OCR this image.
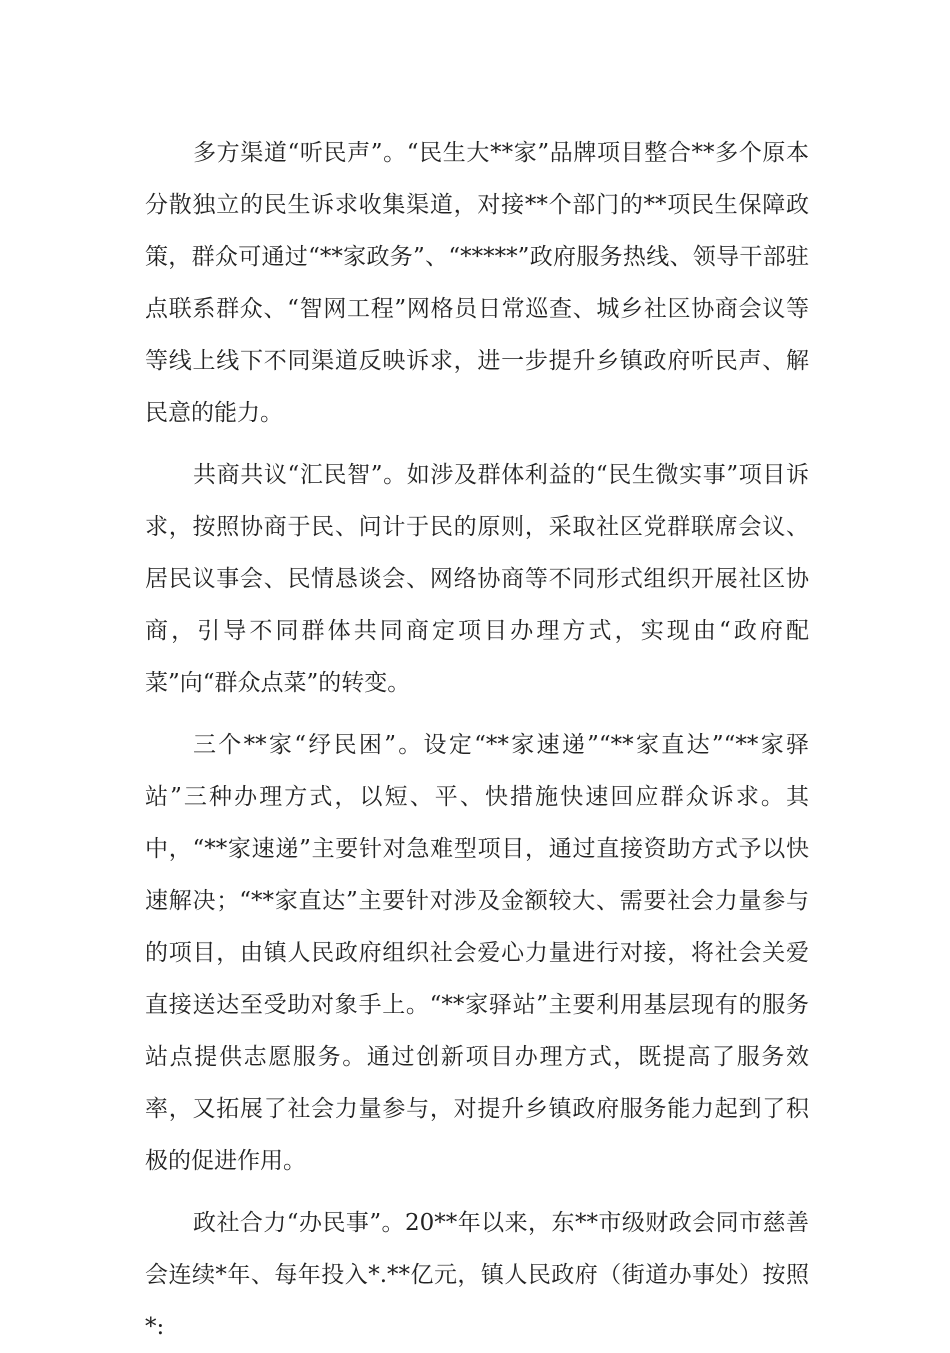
多方渠道“听民声”。“民生大**家”品牌项目整合**多个原本分散独立的民生诉求收集渠道，对接**个部门的**项民生保障政策，群众可通过“**家政务”、“*****”政府服务热线、领导干部驻点联系群众、“智网工程”网格员日常巡查、城乡社区协商会议等等线上线下不同渠道反映诉求，进一步提升乡镇政府听民声、解民意的能力。

共商共议“汇民智”。如涉及群体利益的“民生微实事”项目诉求，按照协商于民、问计于民的原则，采取社区党群联席会议、居民议事会、民情恳谈会、网络协商等不同形式组织开展社区协商，引导不同群体共同商定项目办理方式，实现由“政府配菜”向“群众点菜”的转变。

三个**家“纾民困”。设定“**家速递”“**家直达”“**家驿站”三种办理方式，以短、平、快措施快速回应群众诉求。其中，“**家速递”主要针对急难型项目，通过直接资助方式予以快速解决；“**家直达”主要针对涉及金额较大、需要社会力量参与的项目，由镇人民政府组织社会爱心力量进行对接，将社会关爱直接送达至受助对象手上。“**家驿站”主要利用基层现有的服务站点提供志愿服务。通过创新项目办理方式，既提高了服务效率，又拓展了社会力量参与，对提升乡镇政府服务能力起到了积极的促进作用。

政社合力“办民事”。20**年以来，东**市级财政会同市慈善会连续*年、每年投入*.**亿元，镇人民政府（街道办事处）按照*:
